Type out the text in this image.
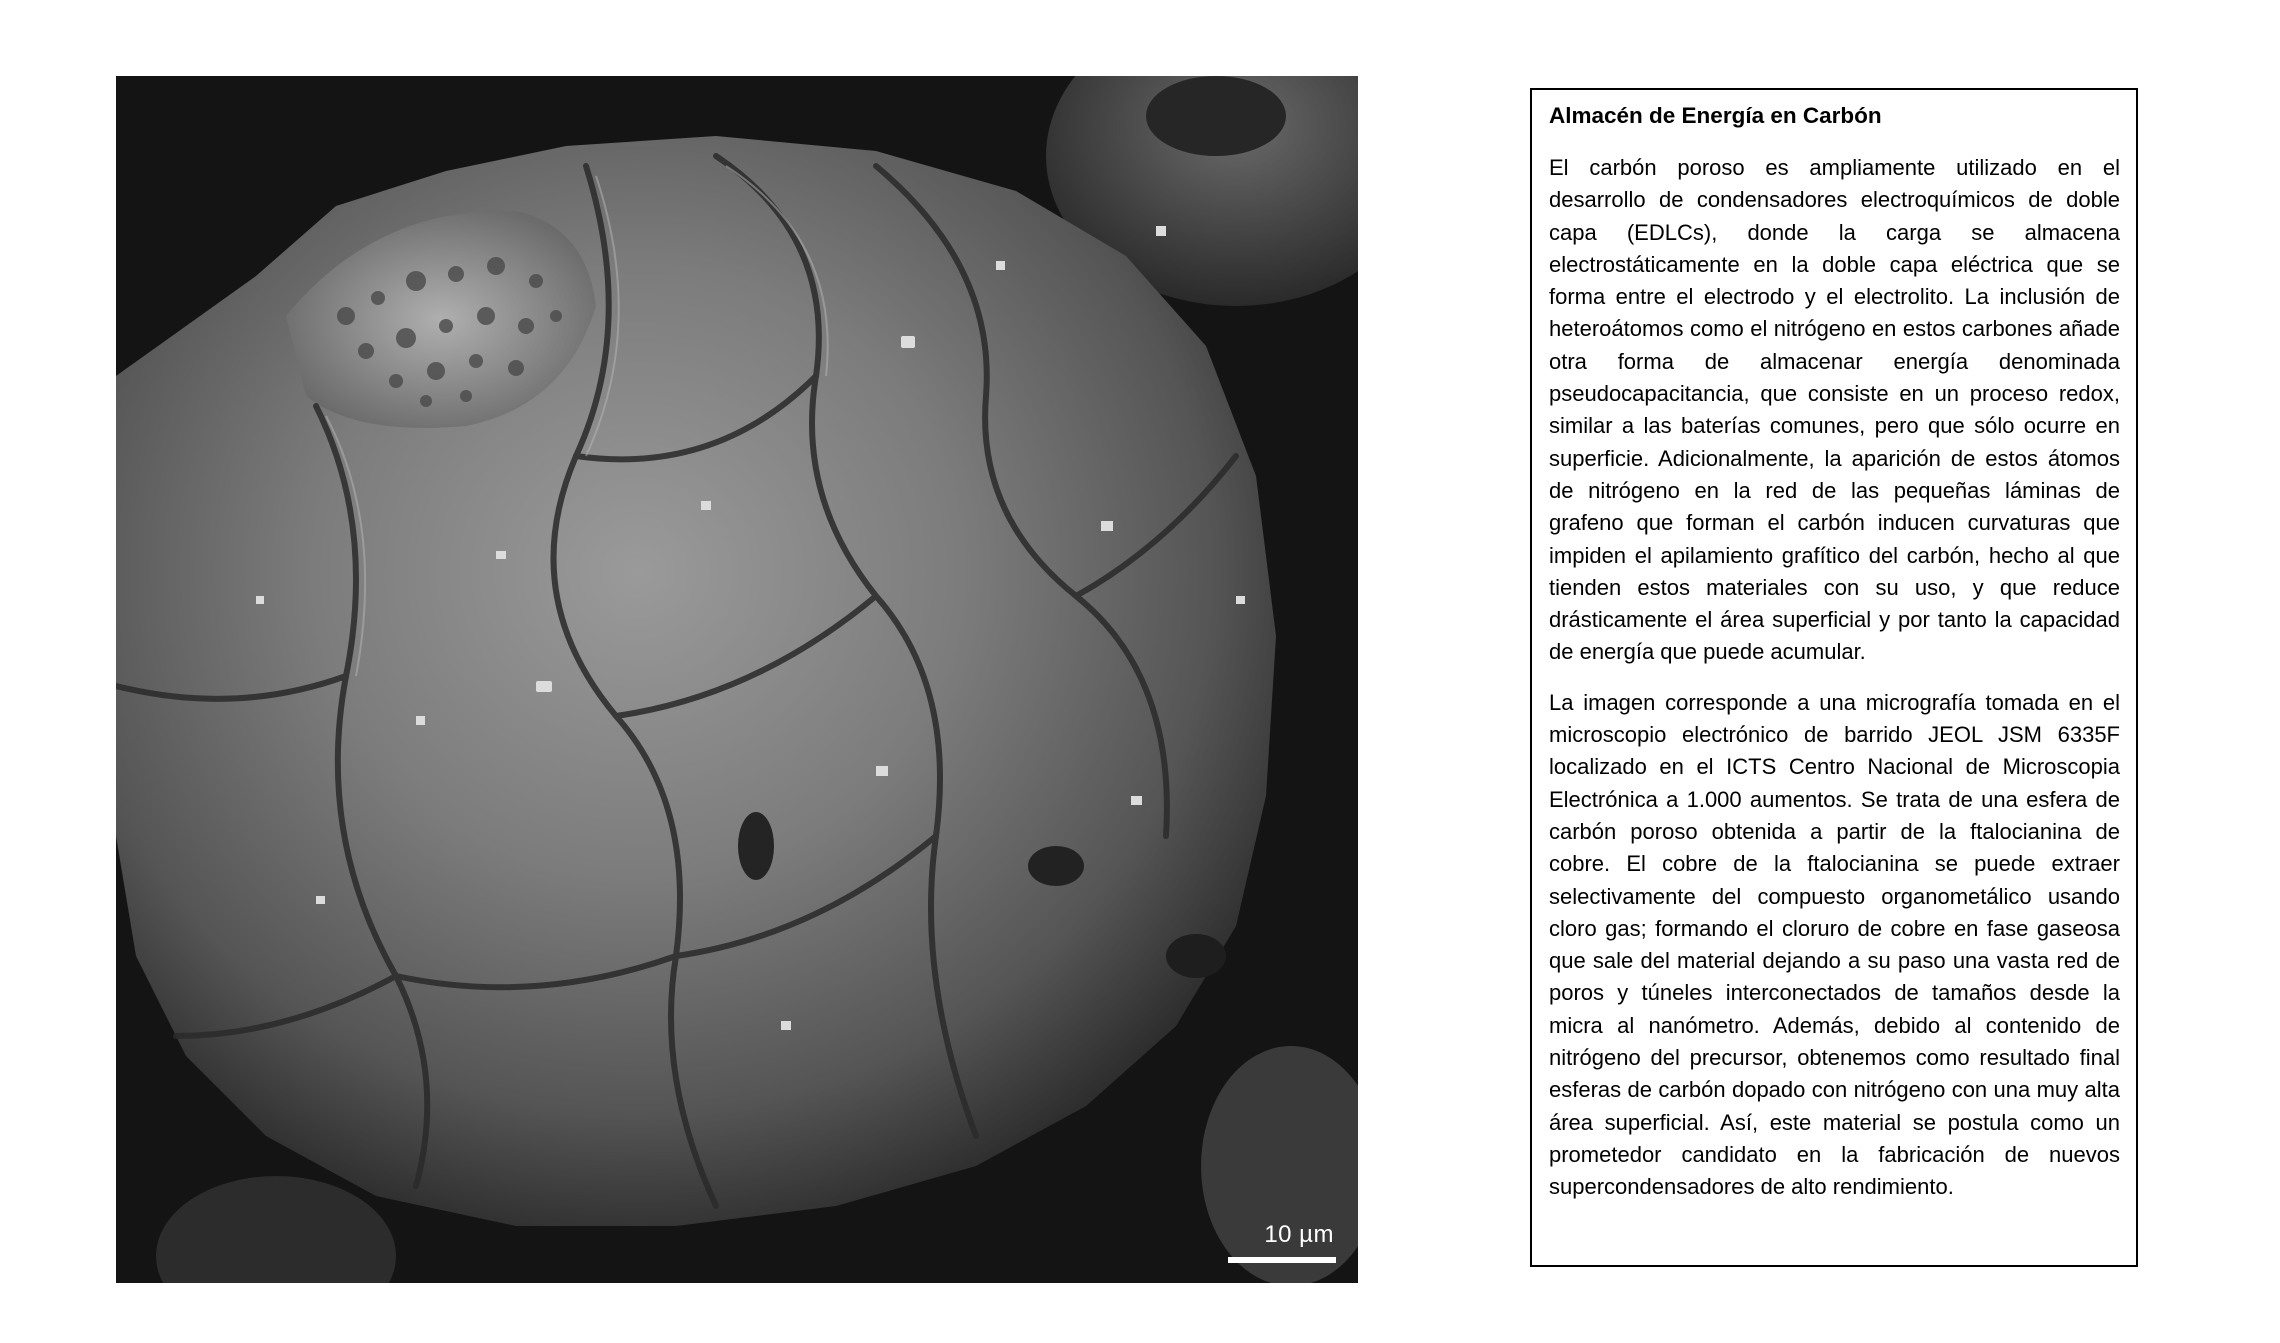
10 µm

Almacén de Energía en Carbón

El carbón poroso es ampliamente utilizado en el desarrollo de condensadores electroquímicos de doble capa (EDLCs), donde la carga se almacena electrostáticamente en la doble capa eléctrica que se forma entre el electrodo y el electrolito. La inclusión de heteroátomos como el nitrógeno en estos carbones añade otra forma de almacenar energía denominada pseudocapacitancia, que consiste en un proceso redox, similar a las baterías comunes, pero que sólo ocurre en superficie. Adicionalmente, la aparición de estos átomos de nitrógeno en la red de las pequeñas láminas de grafeno que forman el carbón inducen curvaturas que impiden el apilamiento grafítico del carbón, hecho al que tienden estos materiales con su uso, y que reduce drásticamente el área superficial y por tanto la capacidad de energía que puede acumular.

La imagen corresponde a una micrografía tomada en el microscopio electrónico de barrido JEOL JSM 6335F localizado en el ICTS Centro Nacional de Microscopia Electrónica a 1.000 aumentos. Se trata de una esfera de carbón poroso obtenida a partir de la ftalocianina de cobre. El cobre de la ftalocianina se puede extraer selectivamente del compuesto organometálico usando cloro gas; formando el cloruro de cobre en fase gaseosa que sale del material dejando a su paso una vasta red de poros y túneles interconectados de tamaños desde la micra al nanómetro. Además, debido al contenido de nitrógeno del precursor, obtenemos como resultado final esferas de carbón dopado con nitrógeno con una muy alta área superficial. Así, este material se postula como un prometedor candidato en la fabricación de nuevos supercondensadores de alto rendimiento.
